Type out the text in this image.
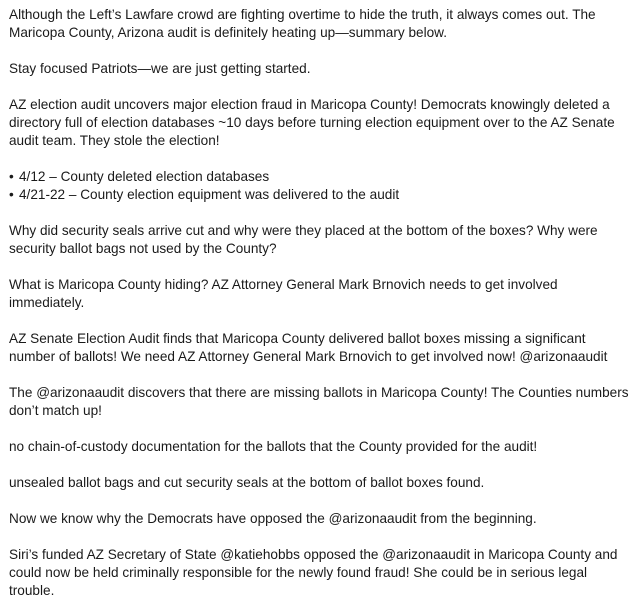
Although the Left’s Lawfare crowd are fighting overtime to hide the truth, it always comes out. The Maricopa County, Arizona audit is definitely heating up—summary below.

Stay focused Patriots—we are just getting started.

AZ election audit uncovers major election fraud in Maricopa County! Democrats knowingly deleted a directory full of election databases ~10 days before turning election equipment over to the AZ Senate audit team. They stole the election!

• 4/12 – County deleted election databases
• 4/21-22 – County election equipment was delivered to the audit

Why did security seals arrive cut and why were they placed at the bottom of the boxes? Why were security ballot bags not used by the County?

What is Maricopa County hiding? AZ Attorney General Mark Brnovich needs to get involved immediately.

AZ Senate Election Audit finds that Maricopa County delivered ballot boxes missing a significant number of ballots! We need AZ Attorney General Mark Brnovich to get involved now! @arizonaaudit

The @arizonaaudit discovers that there are missing ballots in Maricopa County! The Counties numbers don’t match up!

no chain-of-custody documentation for the ballots that the County provided for the audit!

unsealed ballot bags and cut security seals at the bottom of ballot boxes found.

Now we know why the Democrats have opposed the @arizonaaudit from the beginning.

Siri’s funded AZ Secretary of State @katiehobbs opposed the @arizonaaudit in Maricopa County and could now be held criminally responsible for the newly found fraud! She could be in serious legal trouble.
